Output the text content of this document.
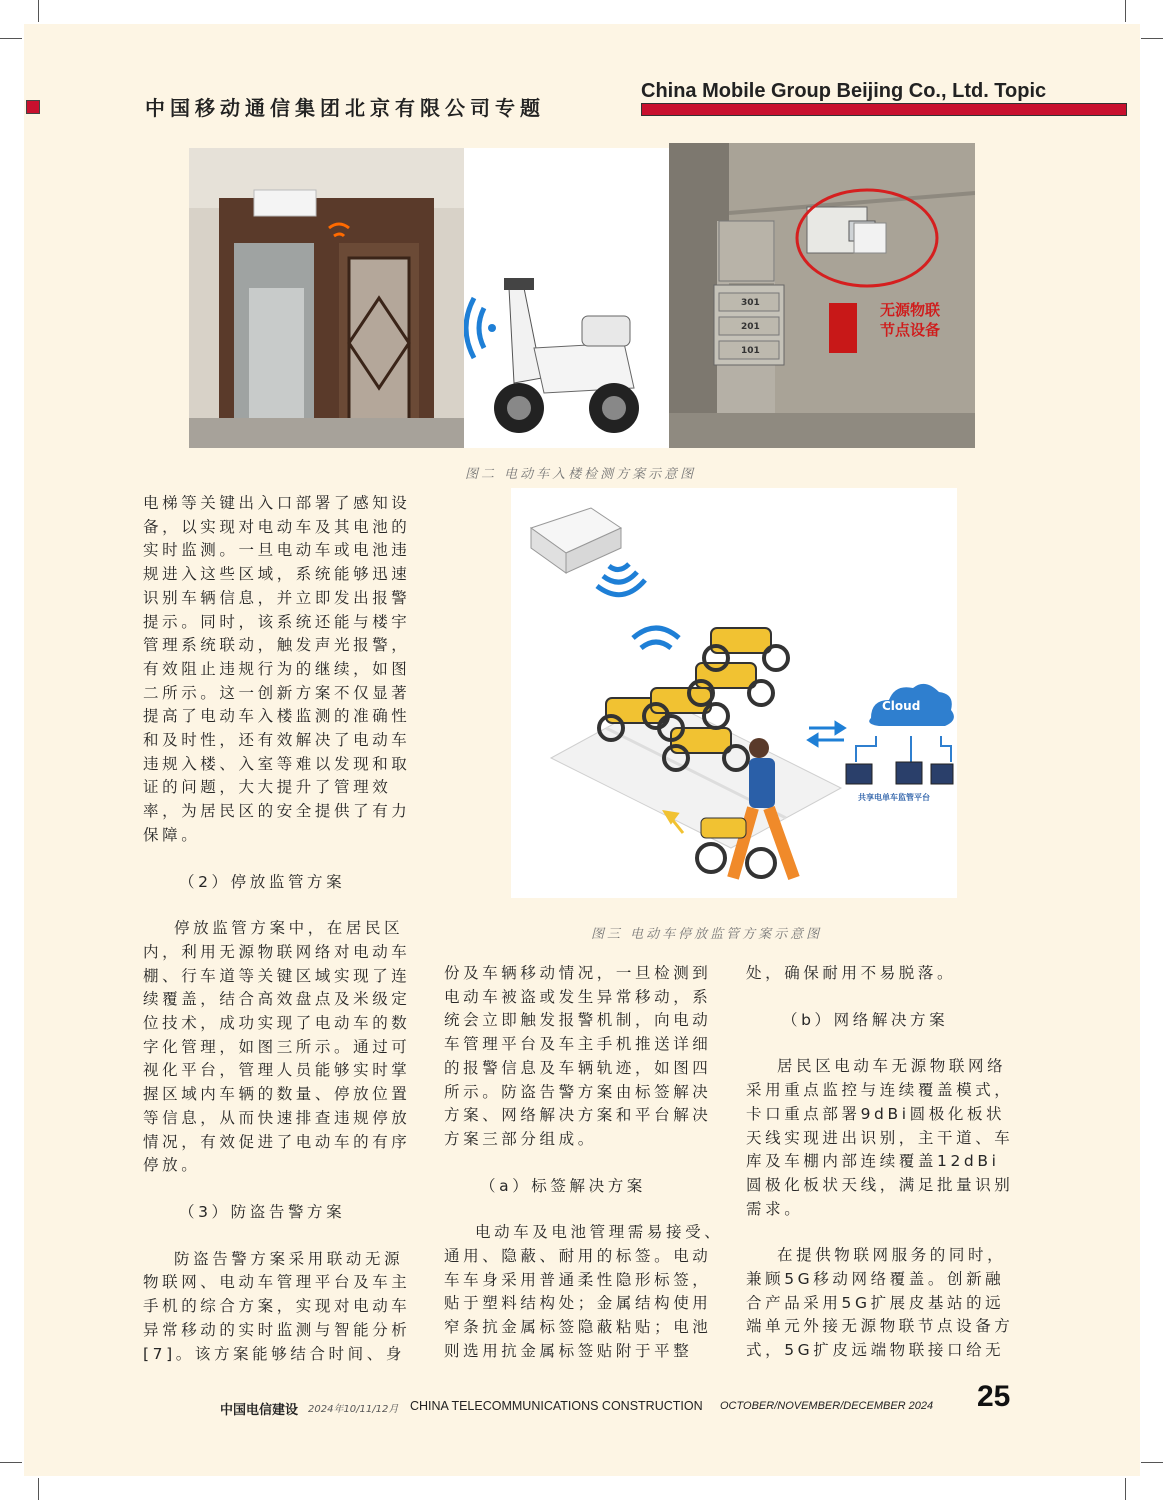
中国移动通信集团北京有限公司专题
China Mobile Group Beijing Co., Ltd. Topic
301
201
101
无源物联
节点设备
图二 电动车入楼检测方案示意图
Cloud
共享电单车监管平台
图三 电动车停放监管方案示意图

电梯等关键出入口部署了感知设
备，以实现对电动车及其电池的
实时监测。一旦电动车或电池违
规进入这些区域，系统能够迅速
识别车辆信息，并立即发出报警
提示。同时，该系统还能与楼宇
管理系统联动，触发声光报警，
有效阻止违规行为的继续，如图
二所示。这一创新方案不仅显著
提高了电动车入楼监测的准确性
和及时性，还有效解决了电动车
违规入楼、入室等难以发现和取
证的问题，大大提升了管理效
率，为居民区的安全提供了有力
保障。

（2）停放监管方案

停放监管方案中，在居民区
内，利用无源物联网络对电动车
棚、行车道等关键区域实现了连
续覆盖，结合高效盘点及米级定
位技术，成功实现了电动车的数
字化管理，如图三所示。通过可
视化平台，管理人员能够实时掌
握区域内车辆的数量、停放位置
等信息，从而快速排查违规停放
情况，有效促进了电动车的有序
停放。

（3）防盗告警方案

防盗告警方案采用联动无源
物联网、电动车管理平台及车主
手机的综合方案，实现对电动车
异常移动的实时监测与智能分析
[7]。该方案能够结合时间、身

份及车辆移动情况，一旦检测到
电动车被盗或发生异常移动，系
统会立即触发报警机制，向电动
车管理平台及车主手机推送详细
的报警信息及车辆轨迹，如图四
所示。防盗告警方案由标签解决
方案、网络解决方案和平台解决
方案三部分组成。

（a）标签解决方案

电动车及电池管理需易接受、
通用、隐蔽、耐用的标签。电动
车车身采用普通柔性隐形标签，
贴于塑料结构处；金属结构使用
窄条抗金属标签隐蔽粘贴；电池
则选用抗金属标签贴附于平整

处，确保耐用不易脱落。

（b）网络解决方案

居民区电动车无源物联网络
采用重点监控与连续覆盖模式，
卡口重点部署9dBi圆极化板状
天线实现进出识别，主干道、车
库及车棚内部连续覆盖12dBi
圆极化板状天线，满足批量识别
需求。

在提供物联网服务的同时，
兼顾5G移动网络覆盖。创新融
合产品采用5G扩展皮基站的远
端单元外接无源物联节点设备方
式，5G扩皮远端物联接口给无

中国电信建设 2024年10/11/12月 CHINA TELECOMMUNICATIONS CONSTRUCTION OCTOBER/NOVEMBER/DECEMBER 2024 25
